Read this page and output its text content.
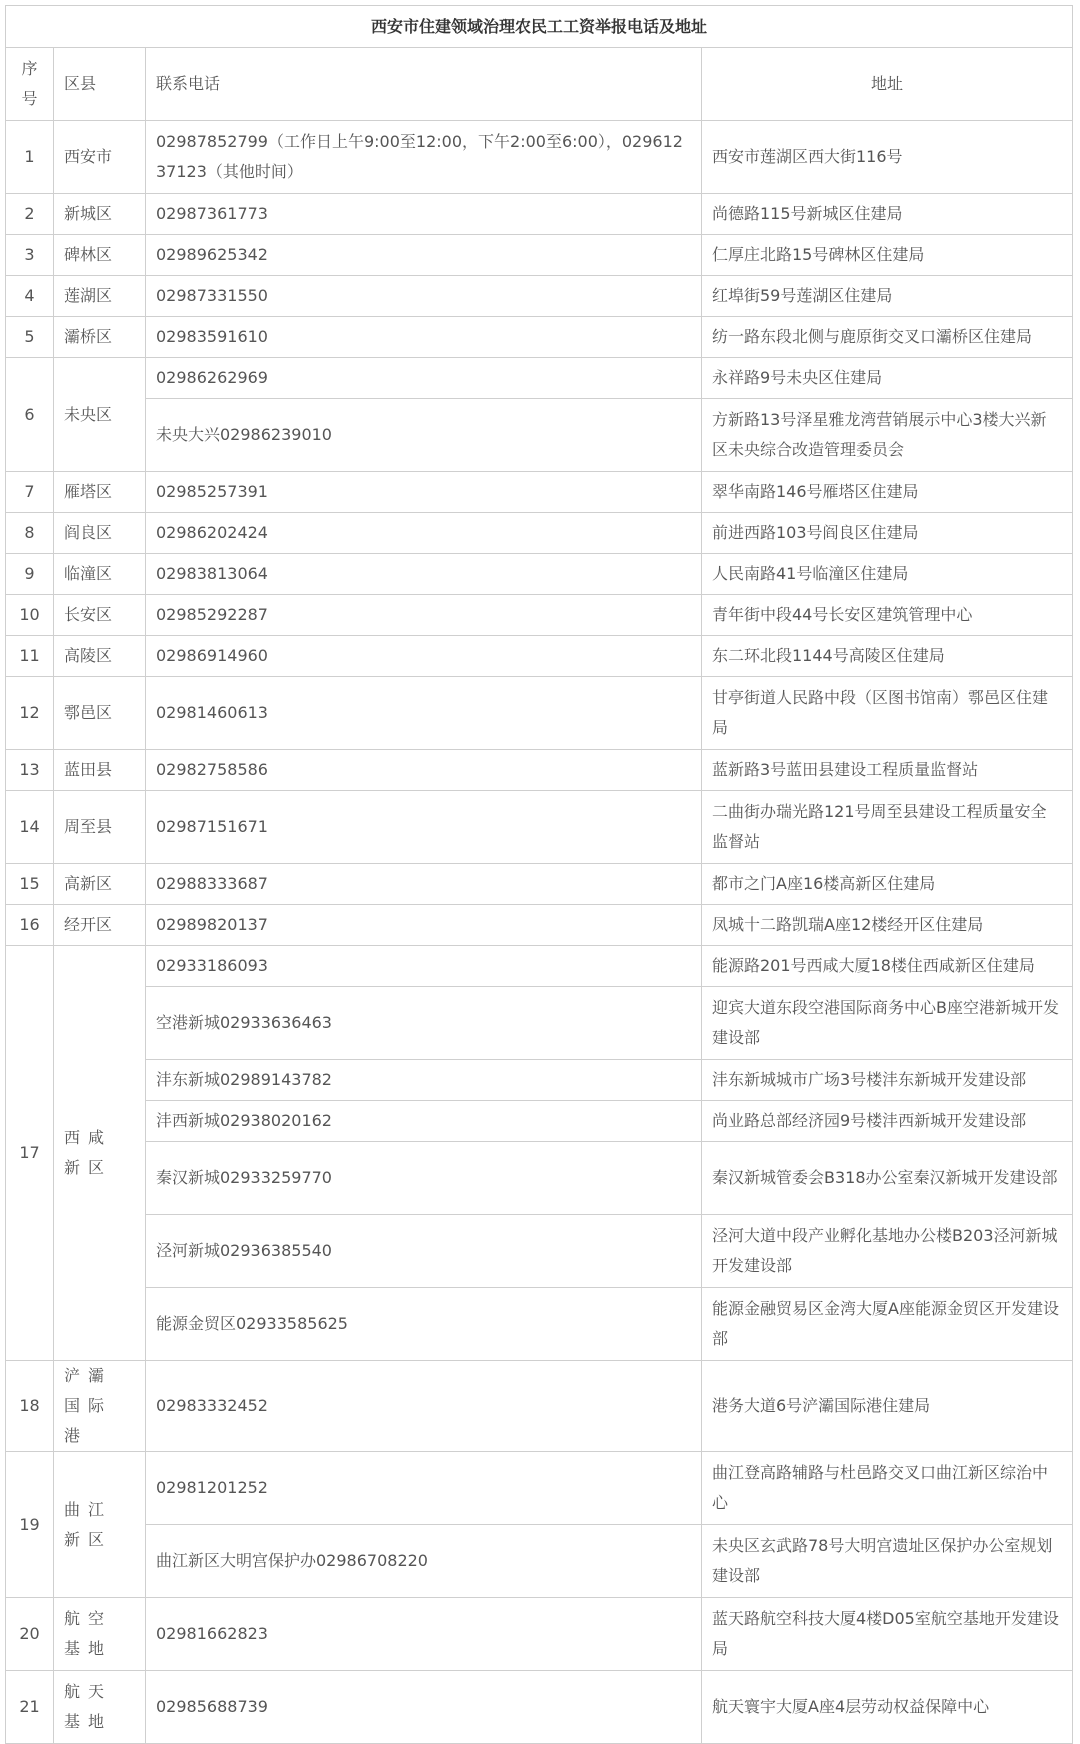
西安市住建领域治理农民工工资举报电话及地址			
序号	区县	联系电话	地址
1	西安市	02987852799（工作日上午9:00至12:00，下午2:00至6:00），02961237123（其他时间）	西安市莲湖区西大街116号
2	新城区	02987361773	尚德路115号新城区住建局
3	碑林区	02989625342	仁厚庄北路15号碑林区住建局
4	莲湖区	02987331550	红埠街59号莲湖区住建局
5	灞桥区	02983591610	纺一路东段北侧与鹿原街交叉口灞桥区住建局
6	未央区	02986262969	永祥路9号未央区住建局
		未央大兴02986239010	方新路13号泽星雅龙湾营销展示中心3楼大兴新区未央综合改造管理委员会
7	雁塔区	02985257391	翠华南路146号雁塔区住建局
8	阎良区	02986202424	前进西路103号阎良区住建局
9	临潼区	02983813064	人民南路41号临潼区住建局
10	长安区	02985292287	青年街中段44号长安区建筑管理中心
11	高陵区	02986914960	东二环北段1144号高陵区住建局
12	鄠邑区	02981460613	甘亭街道人民路中段（区图书馆南）鄠邑区住建局
13	蓝田县	02982758586	蓝新路3号蓝田县建设工程质量监督站
14	周至县	02987151671	二曲街办瑞光路121号周至县建设工程质量安全监督站
15	高新区	02988333687	都市之门A座16楼高新区住建局
16	经开区	02989820137	凤城十二路凯瑞A座12楼经开区住建局
17	西咸新区	02933186093	能源路201号西咸大厦18楼住西咸新区住建局
		空港新城02933636463	迎宾大道东段空港国际商务中心B座空港新城开发建设部
		沣东新城02989143782	沣东新城城市广场3号楼沣东新城开发建设部
		沣西新城02938020162	尚业路总部经济园9号楼沣西新城开发建设部
		秦汉新城02933259770	秦汉新城管委会B318办公室秦汉新城开发建设部
		泾河新城02936385540	泾河大道中段产业孵化基地办公楼B203泾河新城开发建设部
		能源金贸区02933585625	能源金融贸易区金湾大厦A座能源金贸区开发建设部
18	浐灞国际港	02983332452	港务大道6号浐灞国际港住建局
19	曲江新区	02981201252	曲江登高路辅路与杜邑路交叉口曲江新区综治中心
		曲江新区大明宫保护办02986708220	未央区玄武路78号大明宫遗址区保护办公室规划建设部
20	航空基地	02981662823	蓝天路航空科技大厦4楼D05室航空基地开发建设局
21	航天基地	02985688739	航天寰宇大厦A座4层劳动权益保障中心
